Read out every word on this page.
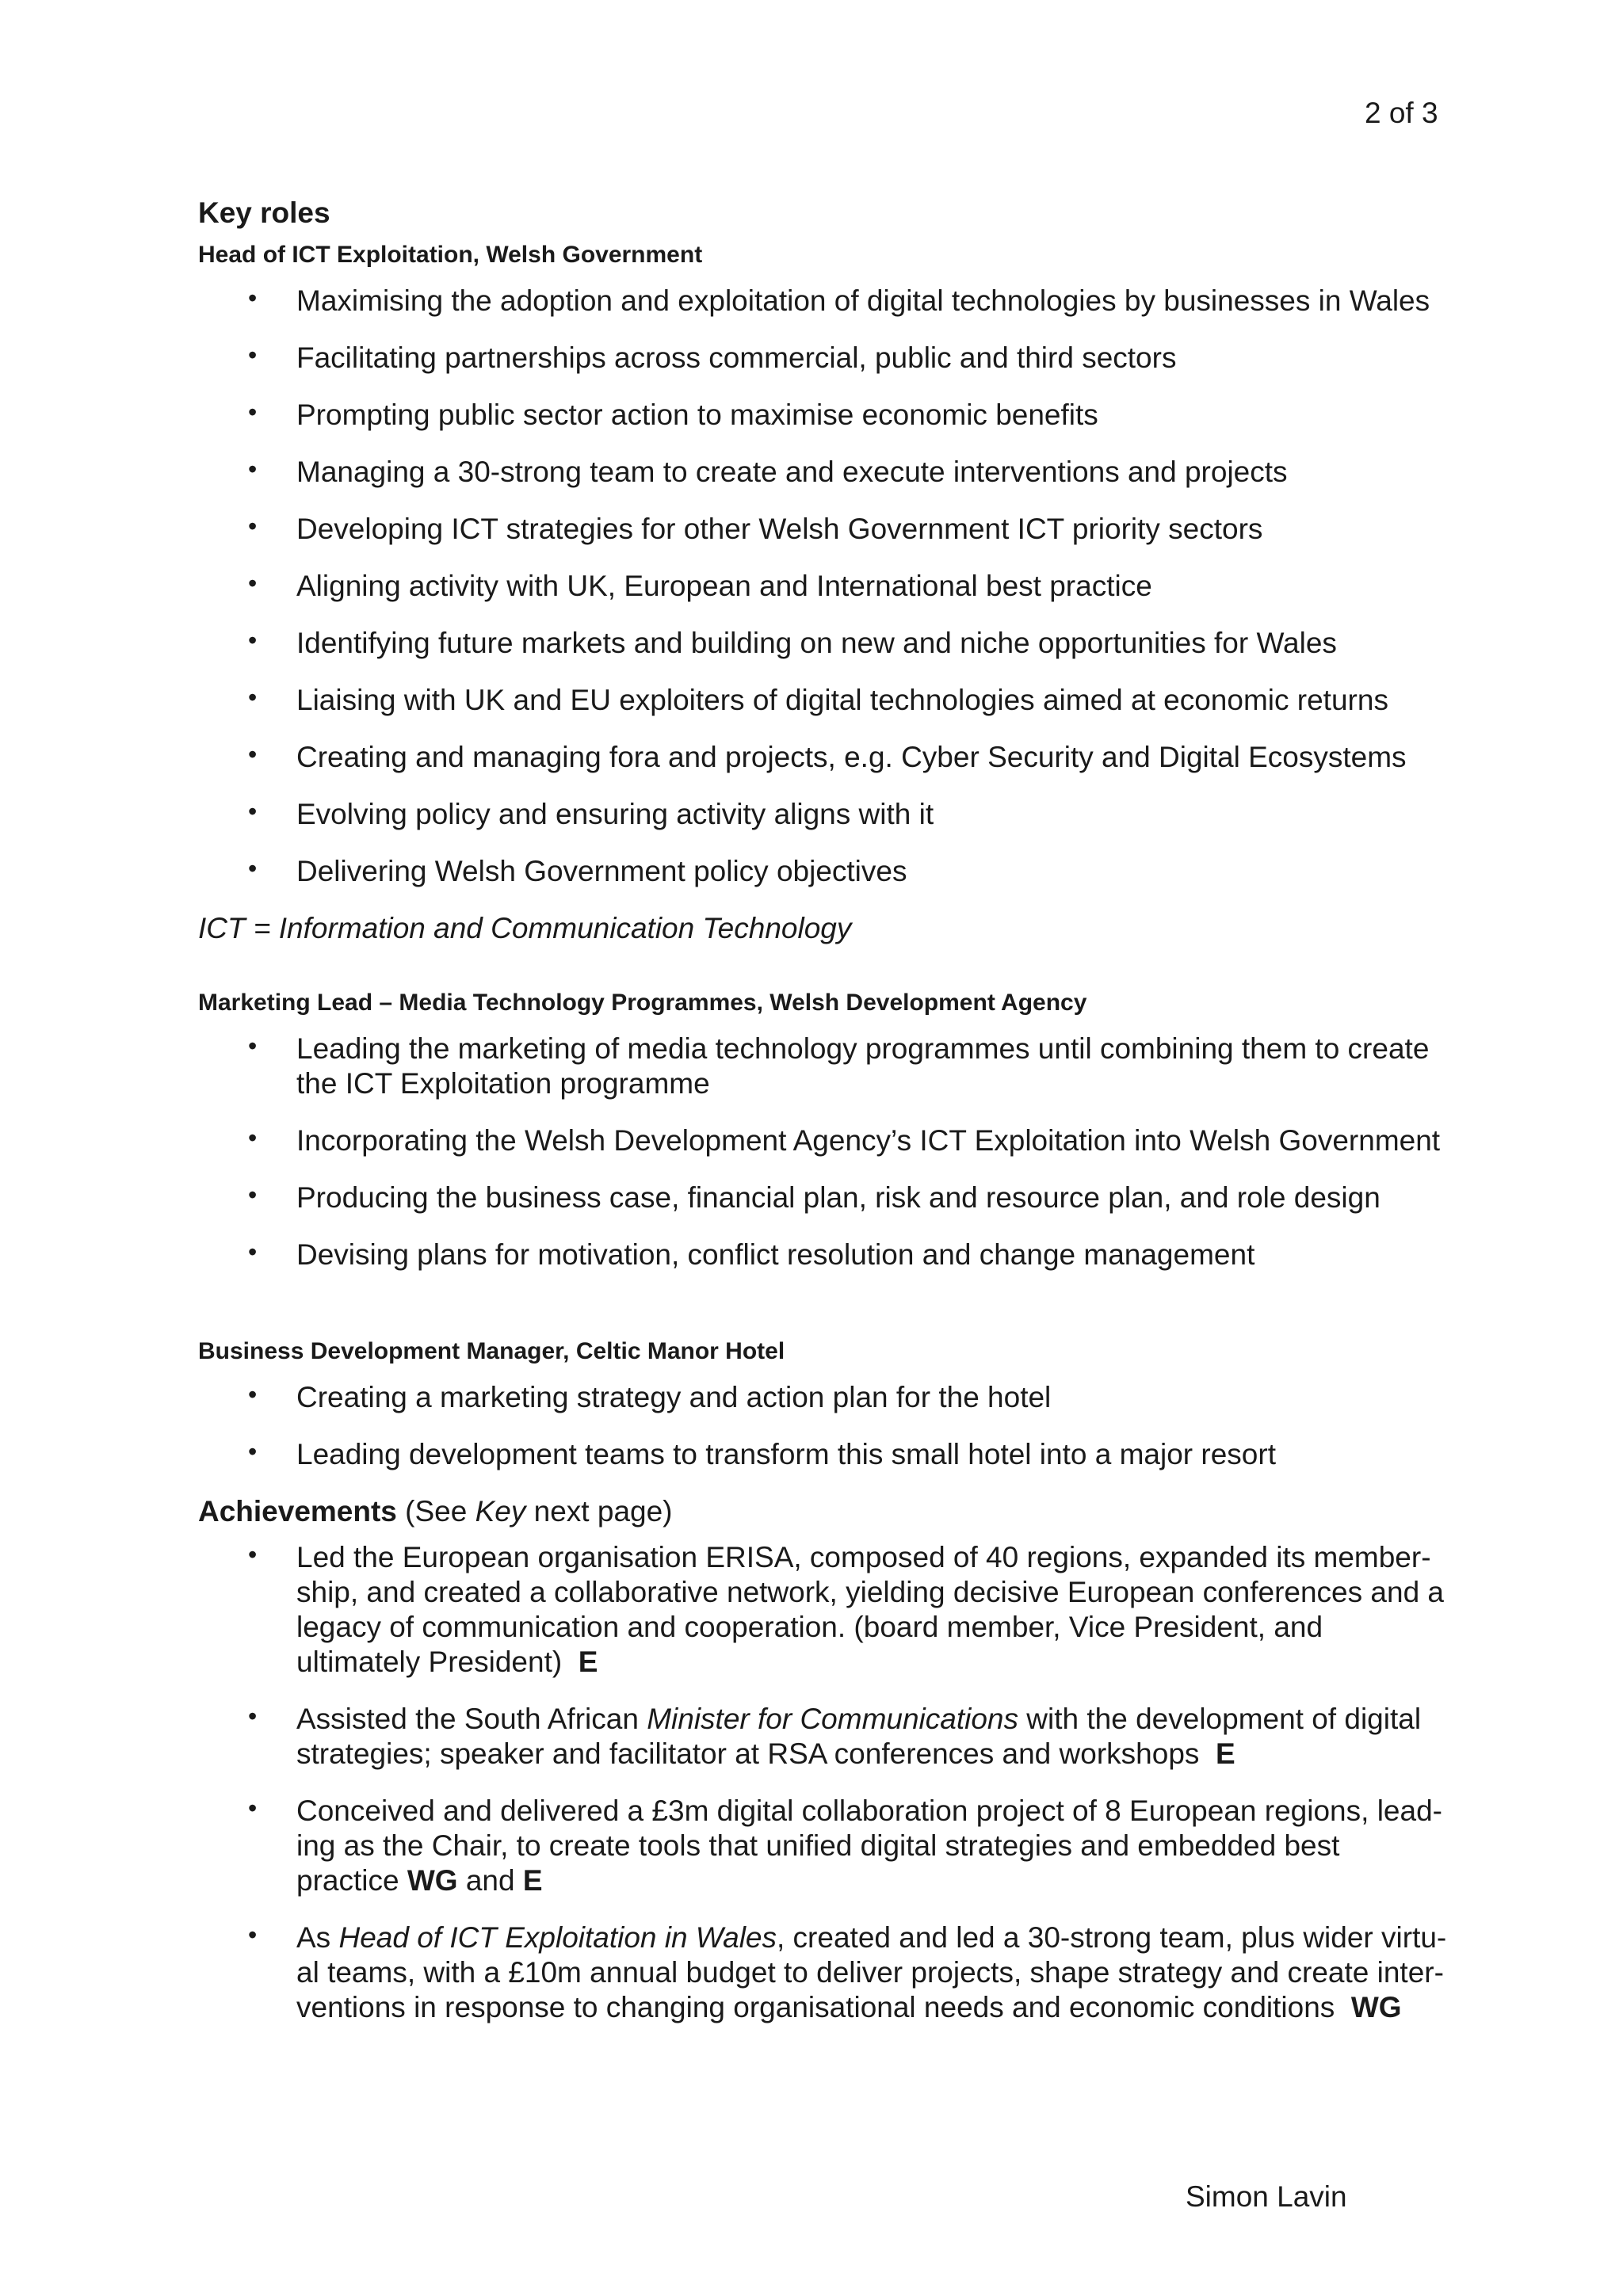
2 of 3
Key roles
Head of ICT Exploitation, Welsh Government
• Maximising the adoption and exploitation of digital technologies by businesses in Wales
• Facilitating partnerships across commercial, public and third sectors
• Prompting public sector action to maximise economic benefits
• Managing a 30-strong team to create and execute interventions and projects
• Developing ICT strategies for other Welsh Government ICT priority sectors
• Aligning activity with UK, European and International best practice
• Identifying future markets and building on new and niche opportunities for Wales
• Liaising with UK and EU exploiters of digital technologies aimed at economic returns
• Creating and managing fora and projects, e.g. Cyber Security and Digital Ecosystems
• Evolving policy and ensuring activity aligns with it
• Delivering Welsh Government policy objectives
ICT = Information and Communication Technology
Marketing Lead – Media Technology Programmes, Welsh Development Agency
• Leading the marketing of media technology programmes until combining them to create the ICT Exploitation programme
• Incorporating the Welsh Development Agency’s ICT Exploitation into Welsh Government
• Producing the business case, financial plan, risk and resource plan, and role design
• Devising plans for motivation, conflict resolution and change management
Business Development Manager, Celtic Manor Hotel
• Creating a marketing strategy and action plan for the hotel
• Leading development teams to transform this small hotel into a major resort
Achievements (See Key next page)
• Led the European organisation ERISA, composed of 40 regions, expanded its member-ship, and created a collaborative network, yielding decisive European conferences and a legacy of communication and cooperation. (board member, Vice President, and ultimately President) E
• Assisted the South African Minister for Communications with the development of digital strategies; speaker and facilitator at RSA conferences and workshops E
• Conceived and delivered a £3m digital collaboration project of 8 European regions, lead-ing as the Chair, to create tools that unified digital strategies and embedded best practice WG and E
• As Head of ICT Exploitation in Wales, created and led a 30-strong team, plus wider virtu-al teams, with a £10m annual budget to deliver projects, shape strategy and create inter-ventions in response to changing organisational needs and economic conditions WG
Simon Lavin
